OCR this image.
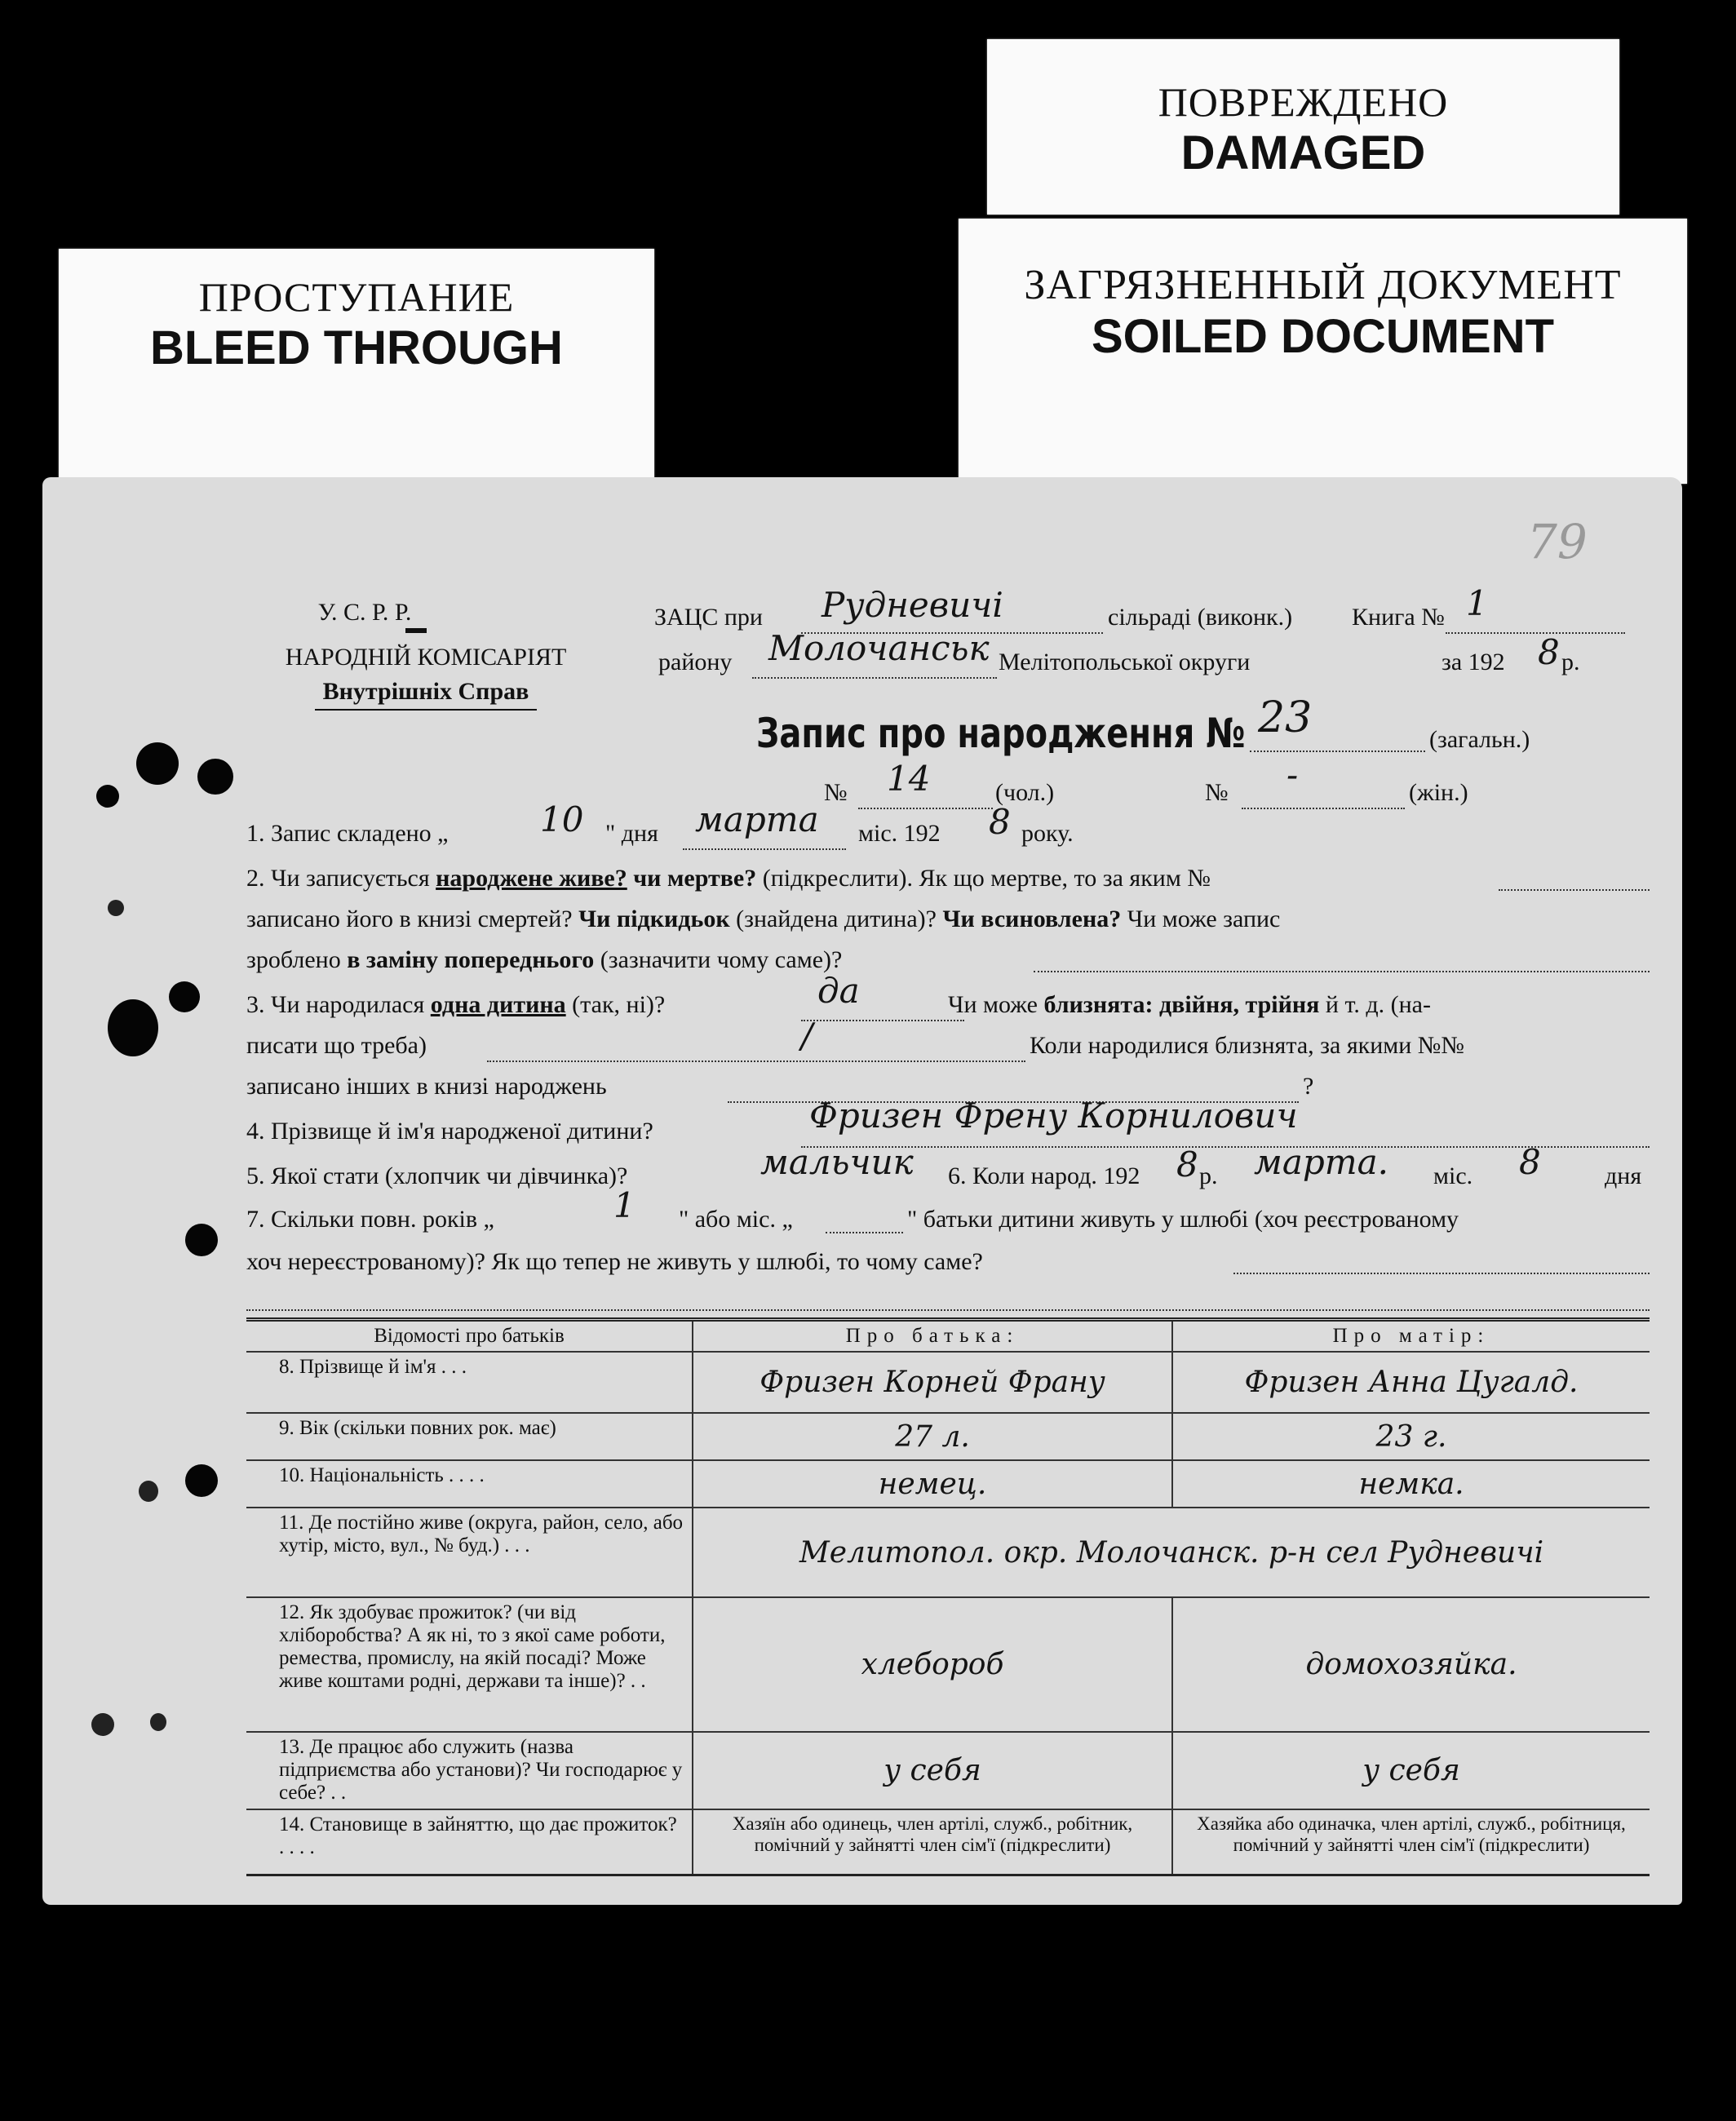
ПОВРЕЖДЕНО
DAMAGED
ПРОСТУПАНИЕ
BLEED THROUGH
ЗАГРЯЗНЕННЫЙ ДОКУМЕНТ
SOILED DOCUMENT
79
У. С. Р. Р.
НАРОДНІЙ КОМІСАРІЯТ
Внутрішніх Справ
ЗАЦС при Рудневичі	сільраді (виконк.) Книга № 1
району Молочанськ Мелітопольської округи	за 192 8 р.
Запис про народження № 23	(загальн.)
№ 14	(чол.)	№ -	(жін.)
1. Запис складено „	10 " дня марта міс. 192 8 року.
2. Чи записується народжене живе? чи мертве? (підкреслити). Як що мертве, то за яким №
записано його в книзі смертей? Чи підкидьок (знайдена дитина)? Чи всиновлена? Чи може запис
зроблено в заміну попереднього (зазначити чому саме)?
3. Чи народилася одна дитина (так, ні)?	да	Чи може близнята: двійня, трійня й т. д. (на-
писати що треба)	/	Коли народилися близнята, за якими №№
записано інших в книзі народжень	?
4. Прізвище й ім'я народженої дитини?	Фризен Френу Корнилович
5. Якої стати (хлопчик чи дівчинка)?	мальчик 6. Коли народ. 192 8 р. марта. міс. 8	дня
7. Скільки повн. років „	1 " або міс. „	" батьки дитини живуть у шлюбі (хоч реєстрованому
хоч нереєстрованому)? Як що тепер не живуть у шлюбі, то чому саме?
Відомості про батьків	Про батька:	Про матір:
8. Прізвище й ім'я . . .	Фризен Корней Франу	Фризен Анна Цугалд.
9. Вік (скільки повних рок. має)	27 л.	23 г.
10. Національність . . . .	немец.	немка.
11. Де постійно живе (округа, район, село, або хутір, місто, вул., № буд.) . . .	Мелитопол. окр. Молочанск. р-н сел Рудневичі	
12. Як здобуває прожиток? (чи від хліборобства? А як ні, то з якої саме роботи, ремества, промислу, на якій посаді? Може живе коштами родні, держави та інше)? . .	хлебороб	домохозяйка.
13. Де працює або служить (назва підприємства або установи)? Чи господарює у себе? . .	у себя	у себя
14. Становище в зайняттю, що дає прожиток? . . . .	Хазяїн або одинець, член артілі, служб., робітник, помічний у зайнятті член сім'ї (підкреслити)	Хазяйка або одиначка, член артілі, служб., робітниця, помічний у зайнятті член сім'ї (підкреслити)
